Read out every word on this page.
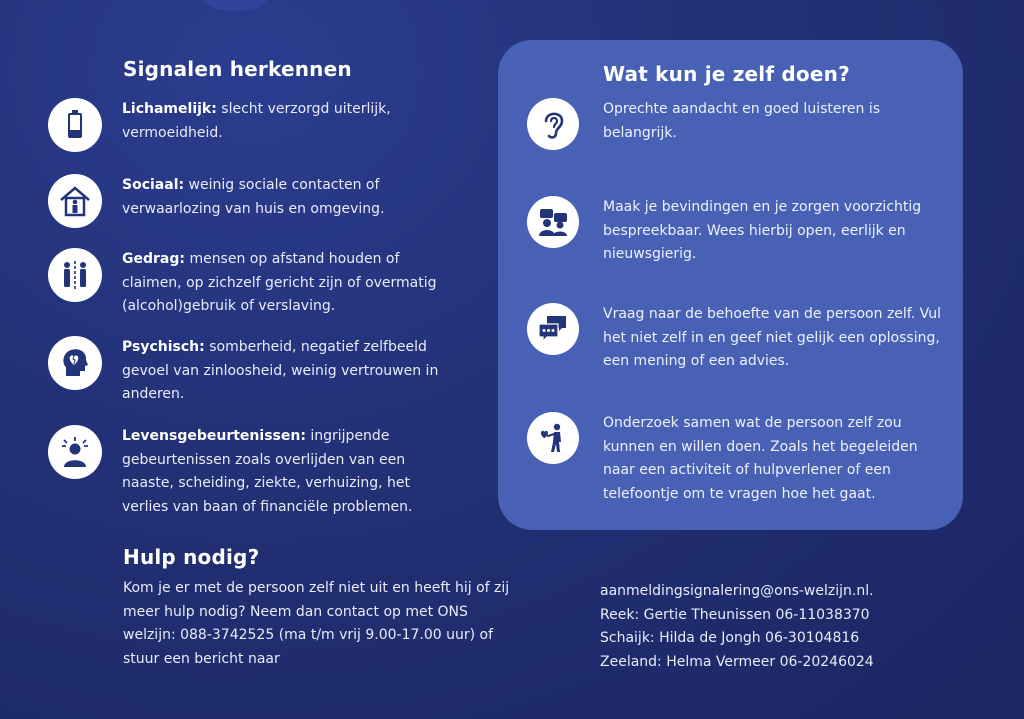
Signalen herkennen
Lichamelijk: slecht verzorgd uiterlijk, vermoeidheid.
Sociaal: weinig sociale contacten of verwaarlozing van huis en omgeving.
Gedrag: mensen op afstand houden of claimen, op zichzelf gericht zijn of overmatig (alcohol)gebruik of verslaving.
Psychisch: somberheid, negatief zelfbeeld gevoel van zinloosheid, weinig vertrouwen in anderen.
Levensgebeurtenissen: ingrijpende gebeurtenissen zoals overlijden van een naaste, scheiding, ziekte, verhuizing, het verlies van baan of financiële problemen.
Wat kun je zelf doen?
Oprechte aandacht en goed luisteren is belangrijk.
Maak je bevindingen en je zorgen voorzichtig bespreekbaar. Wees hierbij open, eerlijk en nieuwsgierig.
Vraag naar de behoefte van de persoon zelf. Vul het niet zelf in en geef niet gelijk een oplossing, een mening of een advies.
Onderzoek samen wat de persoon zelf zou kunnen en willen doen. Zoals het begeleiden naar een activiteit of hulpverlener of een telefoontje om te vragen hoe het gaat.
Hulp nodig?
Kom je er met de persoon zelf niet uit en heeft hij of zij meer hulp nodig? Neem dan contact op met ONS welzijn: 088-3742525 (ma t/m vrij 9.00-17.00 uur) of stuur een bericht naar
aanmeldingsignalering@ons-welzijn.nl.
Reek: Gertie Theunissen 06-11038370
Schaijk: Hilda de Jongh 06-30104816
Zeeland: Helma Vermeer 06-20246024
